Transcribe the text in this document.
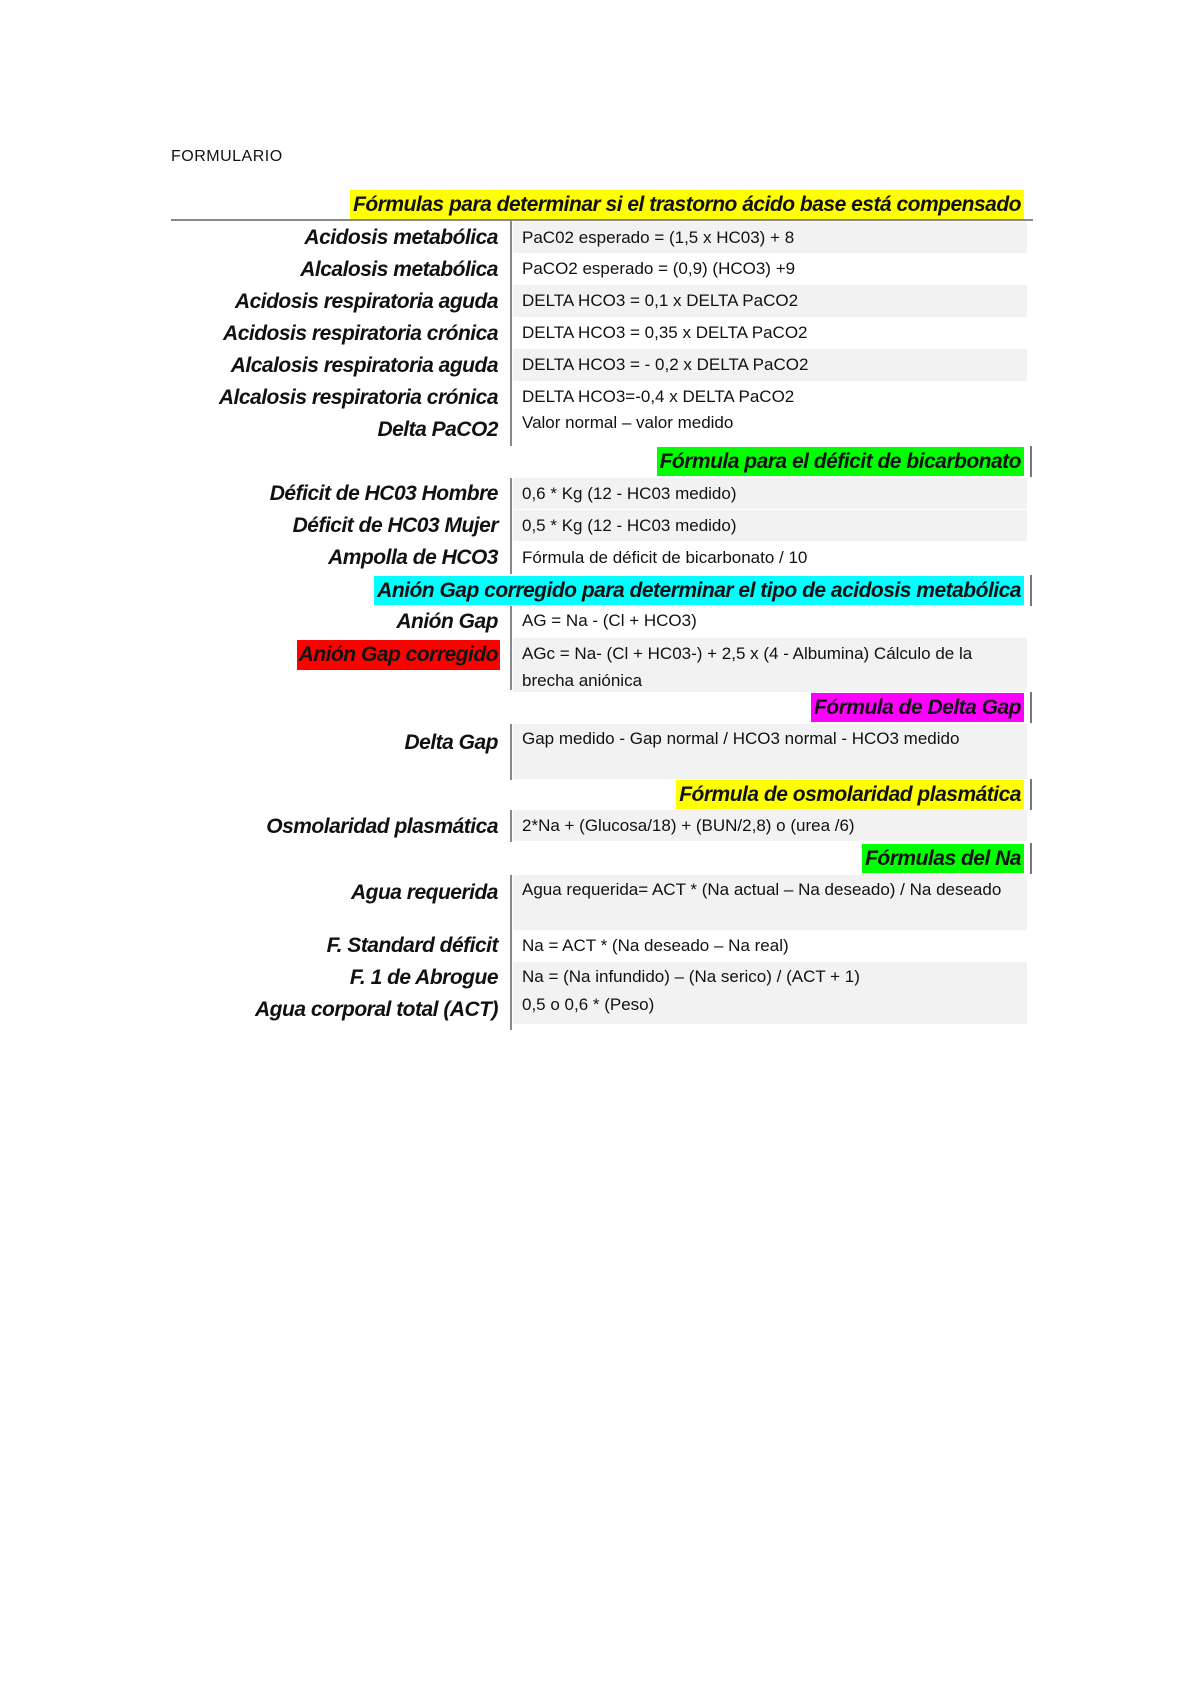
FORMULARIO
Fórmulas para determinar si el trastorno ácido base está compensado
Acidosis metabólica	PaC02 esperado = (1,5 x HC03) + 8
Alcalosis metabólica	PaCO2 esperado = (0,9) (HCO3) +9
Acidosis respiratoria aguda	DELTA HCO3 = 0,1 x DELTA PaCO2
Acidosis respiratoria crónica	DELTA HCO3 = 0,35 x DELTA PaCO2
Alcalosis respiratoria aguda	DELTA HCO3 = - 0,2 x DELTA PaCO2
Alcalosis respiratoria crónica	DELTA HCO3=-0,4 x DELTA PaCO2
Delta PaCO2	Valor normal – valor medido
Fórmula para el déficit de bicarbonato
Déficit de HC03 Hombre	0,6 * Kg (12 - HC03 medido)
Déficit de HC03 Mujer	0,5 * Kg (12 - HC03 medido)
Ampolla de HCO3	Fórmula de déficit de bicarbonato / 10
Anión Gap corregido para determinar el tipo de acidosis metabólica
Anión Gap	AG = Na - (Cl + HCO3)
Anión Gap corregido	AGc = Na- (Cl + HC03-) + 2,5 x (4 - Albumina) Cálculo de la brecha aniónica
Fórmula de Delta Gap
Delta Gap	Gap medido - Gap normal / HCO3 normal - HCO3 medido
Fórmula de osmolaridad plasmática
Osmolaridad plasmática	2*Na + (Glucosa/18) + (BUN/2,8) o (urea /6)
Fórmulas del Na
Agua requerida	Agua requerida= ACT * (Na actual – Na deseado) / Na deseado
F. Standard déficit	Na = ACT * (Na deseado – Na real)
F. 1 de Abrogue	Na = (Na infundido) – (Na serico) / (ACT + 1)
Agua corporal total (ACT)	0,5 o 0,6 * (Peso)
